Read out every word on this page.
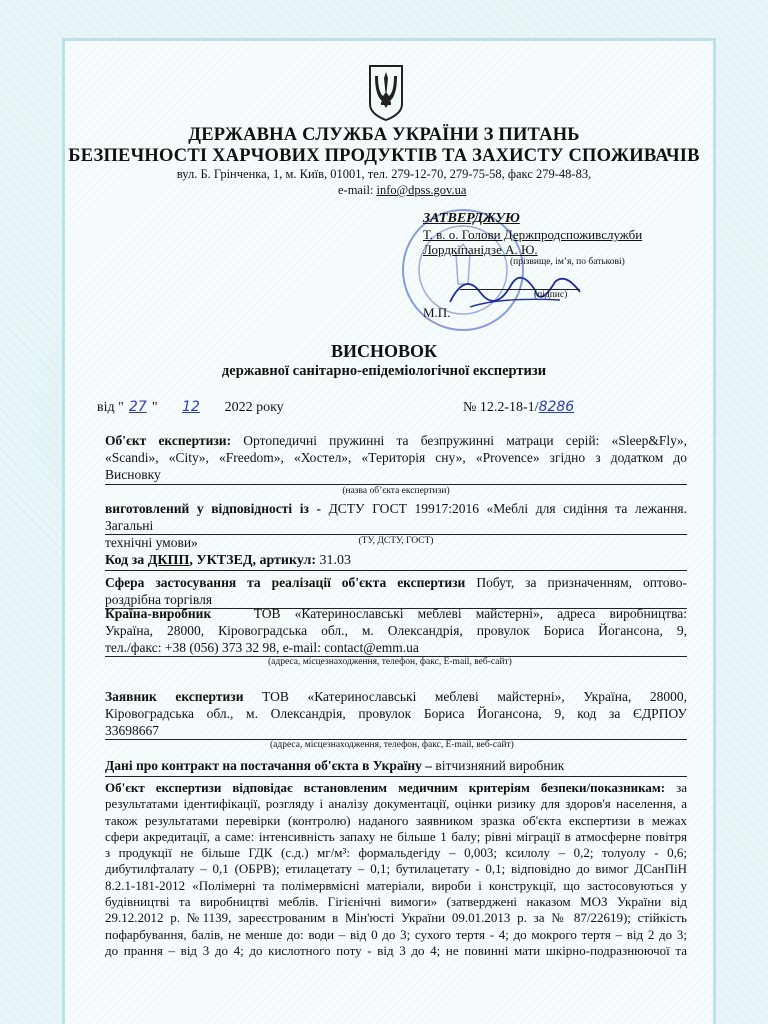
ДЕРЖАВНА СЛУЖБА УКРАЇНИ З ПИТАНЬ
БЕЗПЕЧНОСТІ ХАРЧОВИХ ПРОДУКТІВ ТА ЗАХИСТУ СПОЖИВАЧІВ
вул. Б. Грінченка, 1, м. Київ, 01001, тел. 279-12-70, 279-75-58, факс 279-48-83,
e-mail: info@dpss.gov.ua
ЗАТВЕРДЖУЮ
Т. в. о. Голови Держпродспоживслужби
Лордкіпанідзе А. Ю.
(прізвище, ім’я, по батькові)
(підпис)
М.П.
ВИСНОВОК
державної санітарно-епідеміологічної експертизи
від " 27 " 12 2022 року	№ 12.2-18-1/8286
Об'єкт експертизи: Ортопедичні пружинні та безпружинні матраци серій: «Sleep&Fly»,
«Scandi», «City», «Freedom», «Хостел», «Територія сну», «Provence» згідно з додатком до
Висновку
(назва об’єкта експертизи)
виготовлений у відповідності із - ДСТУ ГОСТ 19917:2016 «Меблі для сидіння та лежання. Загальні
технічні умови»	(ТУ, ДСТУ, ГОСТ)
Код за ДКПП, УКТЗЕД, артикул: 31.03
Сфера застосування та реалізації об'єкта експертизи Побут, за призначенням, оптово-
роздрібна торгівля
Країна-виробник	ТОВ «Катеринославські меблеві майстерні», адреса виробництва:
Україна, 28000, Кіровоградська обл., м. Олександрія, провулок Бориса Йогансона, 9,
тел./факс: +38 (056) 373 32 98, e-mail: contact@emm.ua
(адреса, місцезнаходження, телефон, факс, E-mail, веб-сайт)
Заявник експертизи ТОВ «Катеринославські меблеві майстерні», Україна, 28000,
Кіровоградська обл., м. Олександрія, провулок Бориса Йогансона, 9, код за ЄДРПОУ
33698667
(адреса, місцезнаходження, телефон, факс, E-mail, веб-сайт)
Дані про контракт на постачання об'єкта в Україну – вітчизняний виробник
Об'єкт експертизи відповідає встановленим медичним критеріям безпеки/показникам: за
результатами ідентифікації, розгляду і аналізу документації, оцінки ризику для здоров'я населення, а
також результатами перевірки (контролю) наданого заявником зразка об'єкта експертизи в межах
сфери акредитації, а саме: інтенсивність запаху не більше 1 балу; рівні міграції в атмосферне повітря
з продукції не більше ГДК (с.д.) мг/м³: формальдегіду – 0,003; ксилолу – 0,2; толуолу - 0,6;
дибутилфталату – 0,1 (ОБРВ); етилацетату – 0,1; бутилацетату - 0,1; відповідно до вимог ДСанПіН
8.2.1-181-2012 «Полімерні та полімервмісні матеріали, вироби і конструкції, що застосовуються у
будівництві та виробництві меблів. Гігієнічні вимоги» (затверджені наказом МОЗ України від
29.12.2012 р. №1139, зареєстрованим в Мін'юсті України 09.01.2013 р. за № 87/22619); стійкість
пофарбування, балів, не менше до: води – від 0 до 3; сухого тертя - 4; до мокрого тертя – від 2 до 3;
до прання – від 3 до 4; до кислотного поту - від 3 до 4; не повинні мати шкірно-подразнюючої та
